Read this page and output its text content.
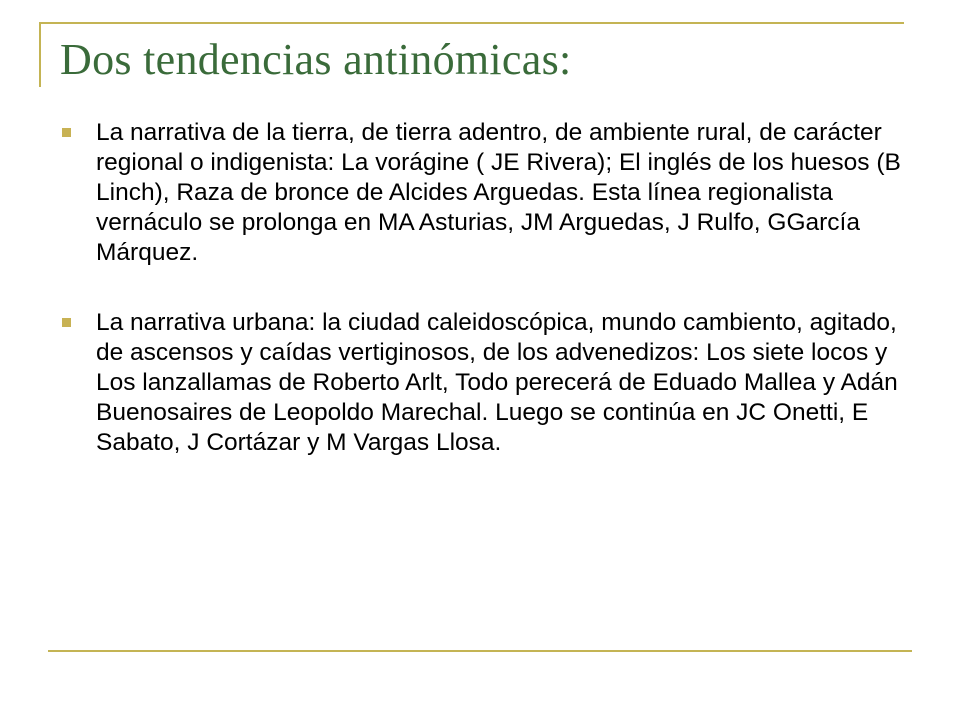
Dos tendencias antinómicas:
La narrativa de la tierra, de tierra adentro, de ambiente rural, de carácter regional o indigenista: La vorágine ( JE Rivera); El inglés de los huesos (B Linch), Raza de bronce de Alcides Arguedas. Esta línea regionalista vernáculo se prolonga en MA Asturias, JM Arguedas, J Rulfo, GGarcía Márquez.
La narrativa urbana: la ciudad caleidoscópica, mundo cambiento, agitado, de ascensos y caídas vertiginosos, de los advenedizos: Los siete locos y Los lanzallamas de Roberto Arlt, Todo perecerá de Eduado Mallea y Adán Buenosaires de Leopoldo Marechal. Luego se continúa en JC Onetti, E Sabato, J Cortázar y M Vargas Llosa.
